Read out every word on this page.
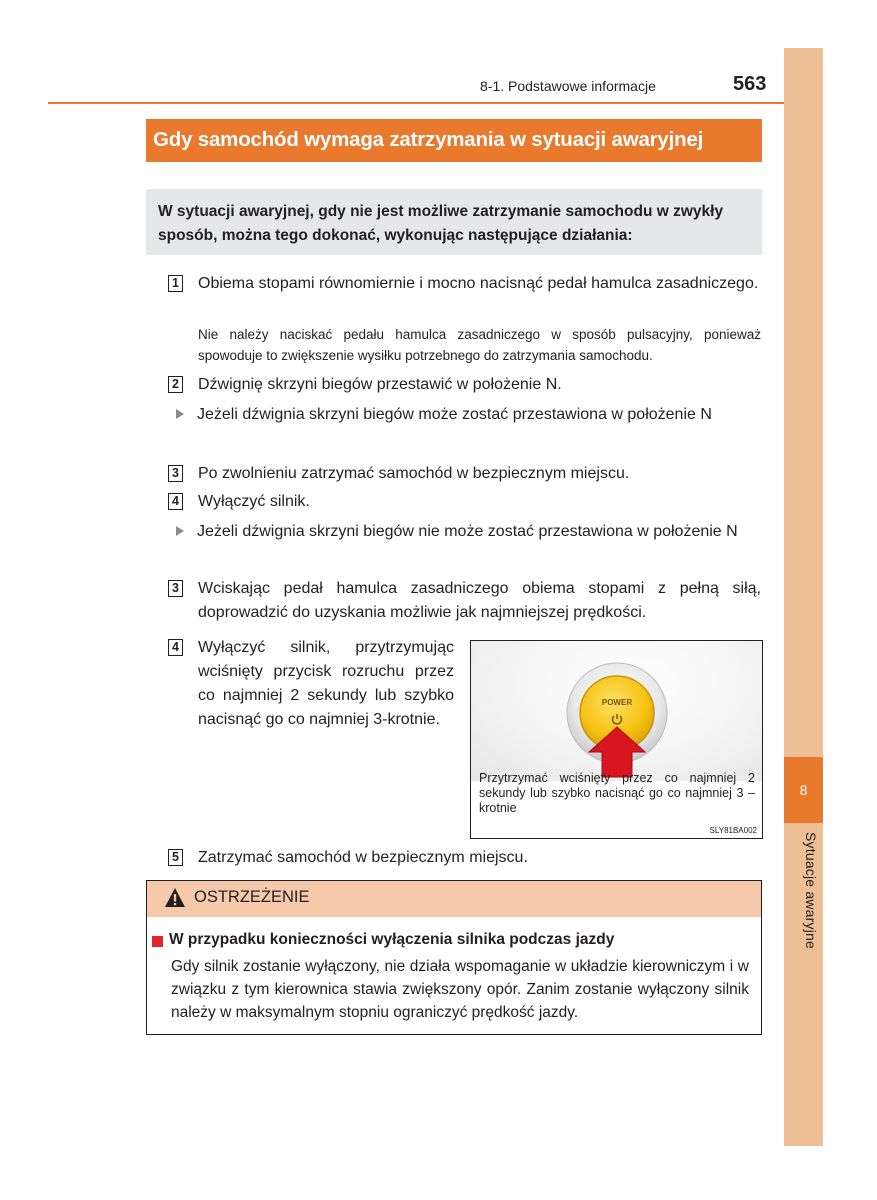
8
Sytuacje awaryjne
8-1. Podstawowe informacje	563
Gdy samochód wymaga zatrzymania w sytuacji awaryjnej
W sytuacji awaryjnej, gdy nie jest możliwe zatrzymanie samochodu w zwykły sposób, można tego dokonać, wykonując następujące działania:
1 Obiema stopami równomiernie i mocno nacisnąć pedał hamulca zasadniczego.
Nie należy naciskać pedału hamulca zasadniczego w sposób pulsacyjny, ponieważ spowoduje to zwiększenie wysiłku potrzebnego do zatrzymania samochodu.
2 Dźwignię skrzyni biegów przestawić w położenie N.
Jeżeli dźwignia skrzyni biegów może zostać przestawiona w położenie N
3 Po zwolnieniu zatrzymać samochód w bezpiecznym miejscu.
4 Wyłączyć silnik.
Jeżeli dźwignia skrzyni biegów nie może zostać przestawiona w położenie N
3 Wciskając pedał hamulca zasadniczego obiema stopami z pełną siłą, doprowadzić do uzyskania możliwie jak najmniejszej prędkości.
4 Wyłączyć silnik, przytrzymując wciśnięty przycisk rozruchu przez co najmniej 2 sekundy lub szybko nacisnąć go co najmniej 3-krotnie.
POWER
Przytrzymać wciśnięty przez co najmniej 2 sekundy lub szybko nacisnąć go co najmniej 3 – krotnie
SLY81BA002
5 Zatrzymać samochód w bezpiecznym miejscu.
OSTRZEŻENIE
W przypadku konieczności wyłączenia silnika podczas jazdy
Gdy silnik zostanie wyłączony, nie działa wspomaganie w układzie kierowniczym i w związku z tym kierownica stawia zwiększony opór. Zanim zostanie wyłączony silnik należy w maksymalnym stopniu ograniczyć prędkość jazdy.
